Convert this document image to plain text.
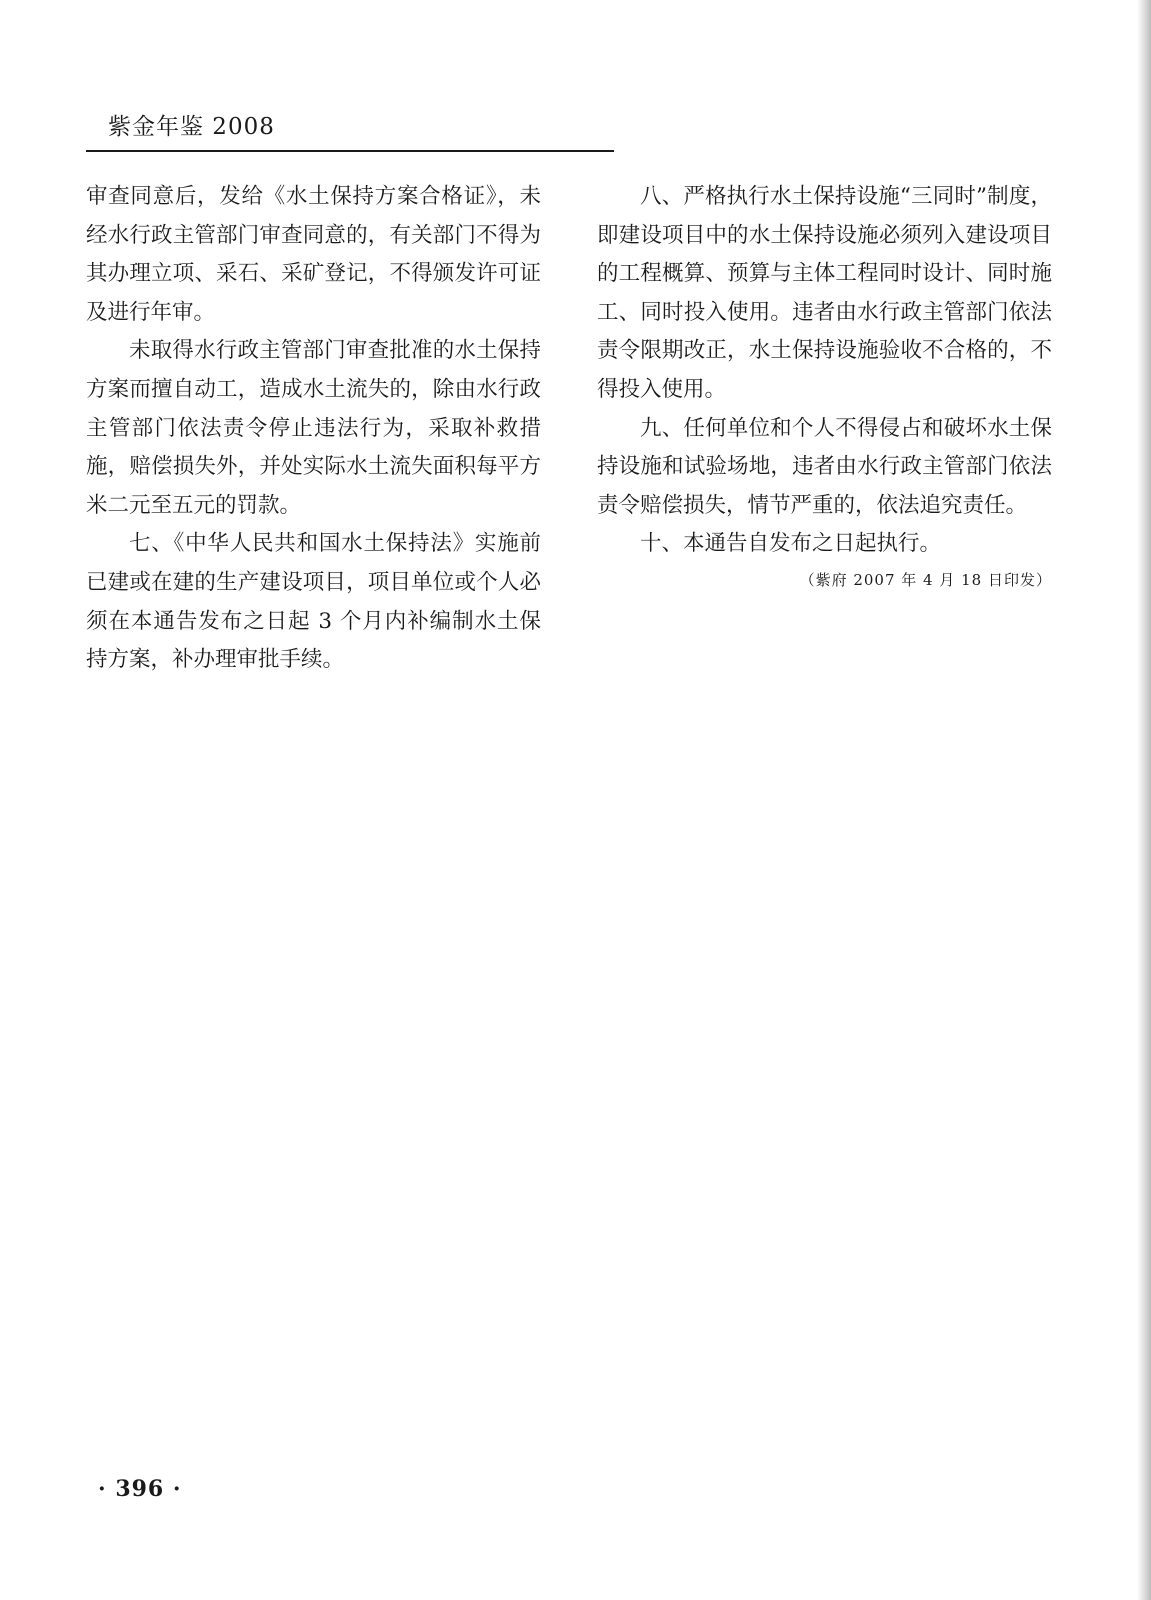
紫金年鉴 2008

审查同意后，发给《水土保持方案合格证》，未经水行政主管部门审查同意的，有关部门不得为其办理立项、采石、采矿登记，不得颁发许可证及进行年审。

未取得水行政主管部门审查批准的水土保持方案而擅自动工，造成水土流失的，除由水行政主管部门依法责令停止违法行为，采取补救措施，赔偿损失外，并处实际水土流失面积每平方米二元至五元的罚款。

七、《中华人民共和国水土保持法》实施前已建或在建的生产建设项目，项目单位或个人必须在本通告发布之日起 3 个月内补编制水土保持方案，补办理审批手续。

八、严格执行水土保持设施“三同时”制度，即建设项目中的水土保持设施必须列入建设项目的工程概算、预算与主体工程同时设计、同时施工、同时投入使用。违者由水行政主管部门依法责令限期改正，水土保持设施验收不合格的，不得投入使用。

九、任何单位和个人不得侵占和破坏水土保持设施和试验场地，违者由水行政主管部门依法责令赔偿损失，情节严重的，依法追究责任。

十、本通告自发布之日起执行。

（紫府 2007 年 4 月 18 日印发）

· 396 ·
